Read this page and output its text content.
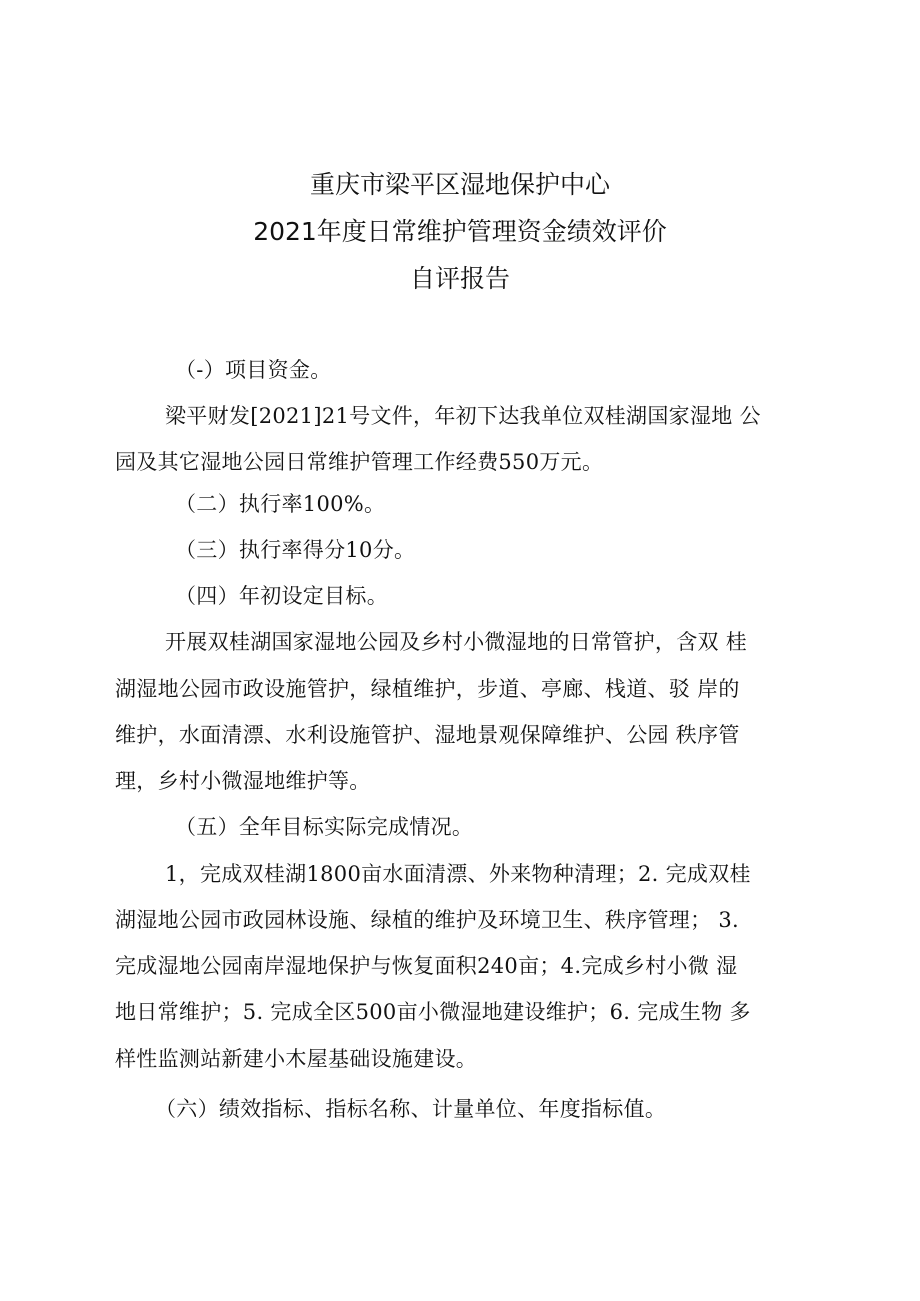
重庆市梁平区湿地保护中心
2021年度日常维护管理资金绩效评价
自评报告
（-）项目资金。
梁平财发[2021]21号文件，年初下达我单位双桂湖国家湿地 公
园及其它湿地公园日常维护管理工作经费550万元。
（二）执行率100%。
（三）执行率得分10分。
（四）年初设定目标。
开展双桂湖国家湿地公园及乡村小微湿地的日常管护，含双 桂
湖湿地公园市政设施管护，绿植维护，步道、亭廊、栈道、驳 岸的
维护，水面清漂、水利设施管护、湿地景观保障维护、公园 秩序管
理，乡村小微湿地维护等。
（五）全年目标实际完成情况。
1，完成双桂湖1800亩水面清漂、外来物种清理；2. 完成双桂
湖湿地公园市政园林设施、绿植的维护及环境卫生、秩序管理； 3.
完成湿地公园南岸湿地保护与恢复面积240亩；4.完成乡村小微 湿
地日常维护；5. 完成全区500亩小微湿地建设维护；6. 完成生物 多
样性监测站新建小木屋基础设施建设。
（六）绩效指标、指标名称、计量单位、年度指标值。
